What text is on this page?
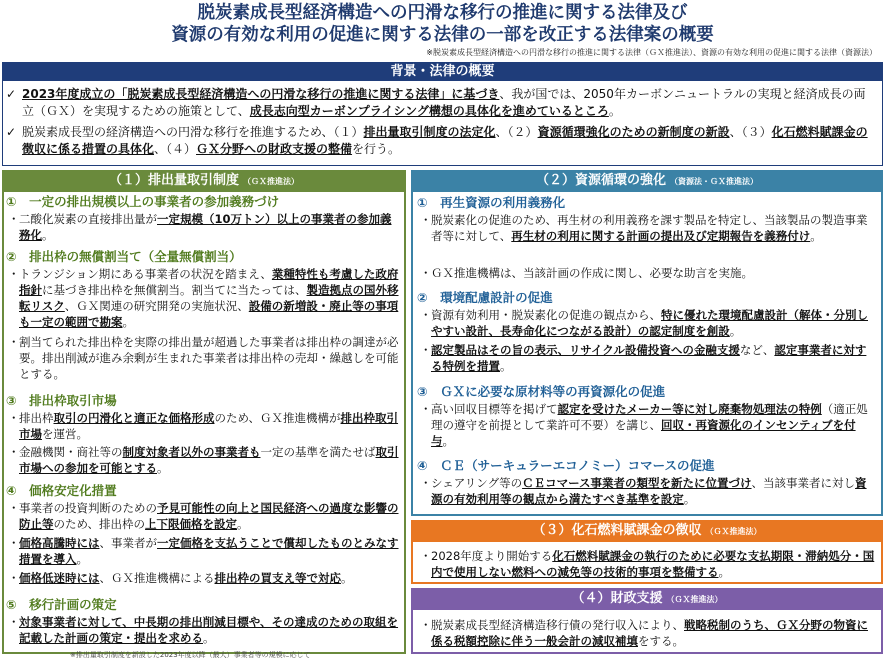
脱炭素成長型経済構造への円滑な移行の推進に関する法律及び
資源の有効な利用の促進に関する法律の一部を改正する法律案の概要
※脱炭素成長型経済構造への円滑な移行の推進に関する法律（ＧＸ推進法）、資源の有効な利用の促進に関する法律（資源法）
背景・法律の概要
✓ 2023年度成立の「脱炭素成長型経済構造への円滑な移行の推進に関する法律」に基づき、我が国では、2050年カーボンニュートラルの実現と経済成長の両立（ＧＸ）を実現するための施策として、成長志向型カーボンプライシング構想の具体化を進めているところ。
✓ 脱炭素成長型の経済構造への円滑な移行を推進するため、（１）排出量取引制度の法定化、（２）資源循環強化のための新制度の新設、（３）化石燃料賦課金の徴収に係る措置の具体化、（４）ＧＸ分野への財政支援の整備を行う。
（１）排出量取引制度 （ＧＸ推進法）
①　 一定の排出規模以上の事業者の参加義務づけ
・ 二酸化炭素の直接排出量が一定規模（10万トン）以上の事業者の参加義務化。
②　 排出枠の無償割当て（全量無償割当）
・ トランジション期にある事業者の状況を踏まえ、業種特性も考慮した政府指針に基づき排出枠を無償割当。割当てに当たっては、製造拠点の国外移転リスク、ＧＸ関連の研究開発の実施状況、設備の新増設・廃止等の事項も一定の範囲で勘案。
・ 割当てられた排出枠を実際の排出量が超過した事業者は排出枠の調達が必要。排出削減が進み余剰が生まれた事業者は排出枠の売却・繰越しを可能とする。
③　 排出枠取引市場
・ 排出枠取引の円滑化と適正な価格形成のため、ＧＸ推進機構が排出枠取引市場を運営。
・ 金融機関・商社等の制度対象者以外の事業者も一定の基準を満たせば取引市場への参加を可能とする。
④　 価格安定化措置
・ 事業者の投資判断のための予見可能性の向上と国民経済への過度な影響の防止等のため、排出枠の上下限価格を設定。
・ 価格高騰時には、事業者が一定価格を支払うことで償却したものとみなす措置を導入。
・ 価格低迷時には、ＧＸ推進機構による排出枠の買支え等で対応。
⑤　 移行計画の策定
・ 対象事業者に対して、中長期の排出削減目標や、その達成のための取組を記載した計画の策定・提出を求める。
※排出量取引制度を新設した2023年度以降（最大）事業者等の規模に応じて
（２）資源循環の強化 （資源法・ＧＸ推進法）
①　 再生資源の利用義務化
・ 脱炭素化の促進のため、再生材の利用義務を課す製品を特定し、当該製品の製造事業者等に対して、再生材の利用に関する計画の提出及び定期報告を義務付け。
・ ＧＸ推進機構は、当該計画の作成に関し、必要な助言を実施。
②　 環境配慮設計の促進
・ 資源有効利用・脱炭素化の促進の観点から、特に優れた環境配慮設計（解体・分別しやすい設計、長寿命化につながる設計）の認定制度を創設。
・ 認定製品はその旨の表示、リサイクル設備投資への金融支援など、認定事業者に対する特例を措置。
③　 ＧＸに必要な原材料等の再資源化の促進
・ 高い回収目標等を掲げて認定を受けたメーカー等に対し廃棄物処理法の特例（適正処理の遵守を前提として業許可不要）を講じ、回収・再資源化のインセンティブを付与。
④　 ＣＥ（サーキュラーエコノミー）コマースの促進
・ シェアリング等のＣＥコマース事業者の類型を新たに位置づけ、当該事業者に対し資源の有効利用等の観点から満たすべき基準を設定。
（３）化石燃料賦課金の徴収 （ＧＸ推進法）
・ 2028年度より開始する化石燃料賦課金の執行のために必要な支払期限・滞納処分・国内で使用しない燃料への減免等の技術的事項を整備する。
（４）財政支援 （ＧＸ推進法）
・ 脱炭素成長型経済構造移行債の発行収入により、戦略税制のうち、ＧＸ分野の物資に係る税額控除に伴う一般会計の減収補填をする。
